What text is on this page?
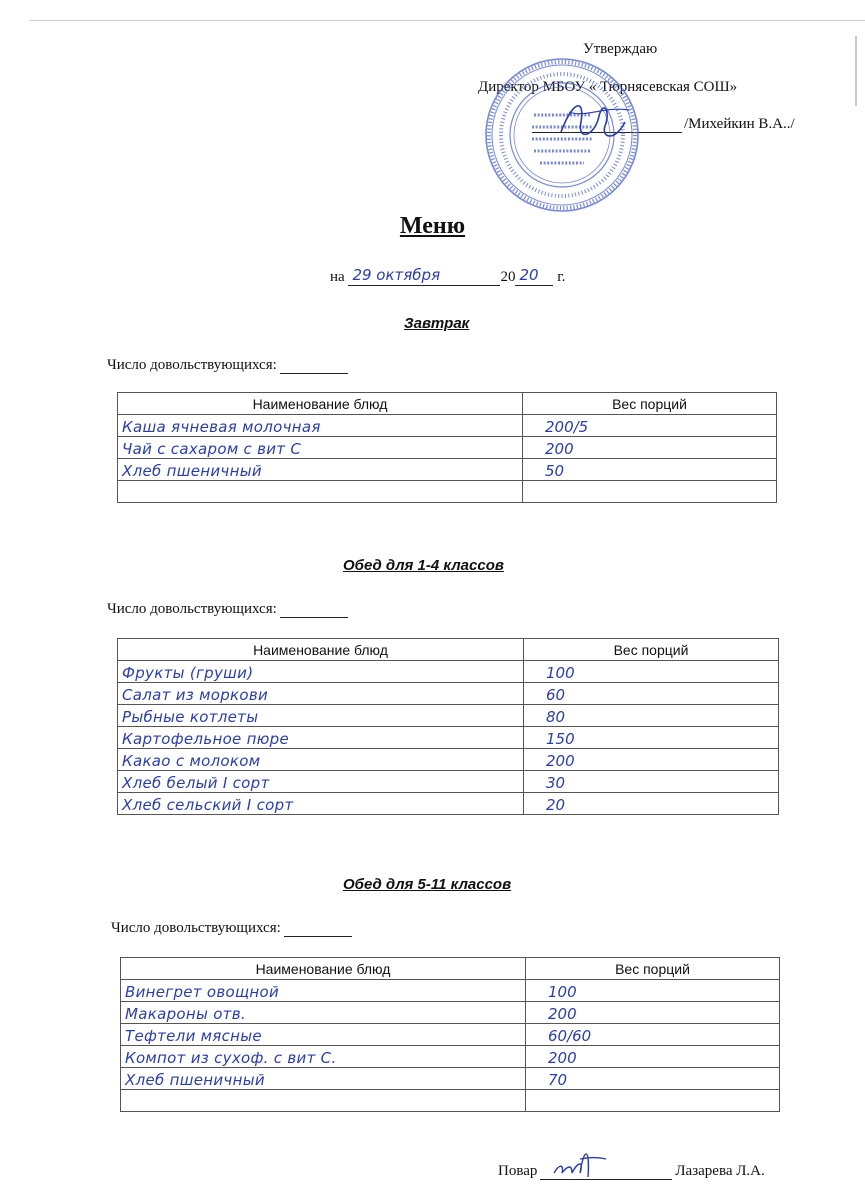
Утверждаю
Директор МБОУ « Тюрнясевская СОШ»
/Михейкин В.А../
Меню
на 29 октября	20 20 г.
Завтрак
Число довольствующихся:
Наименование блюд	Вес порций
Каша ячневая молочная	200/5
Чай с сахаром с вит С	200
Хлеб пшеничный	50

Обед для 1-4 классов
Число довольствующихся:
Наименование блюд	Вес порций
Фрукты (груши)	100
Салат из моркови	60
Рыбные котлеты	80
Картофельное пюре	150
Какао с молоком	200
Хлеб белый I сорт	30
Хлеб сельский I сорт	20
Обед для 5-11 классов
Число довольствующихся:
Наименование блюд	Вес порций
Винегрет овощной	100
Макароны отв.	200
Тефтели мясные	60/60
Компот из сухоф. с вит С.	200
Хлеб пшеничный	70

Повар	Лазарева Л.А.
